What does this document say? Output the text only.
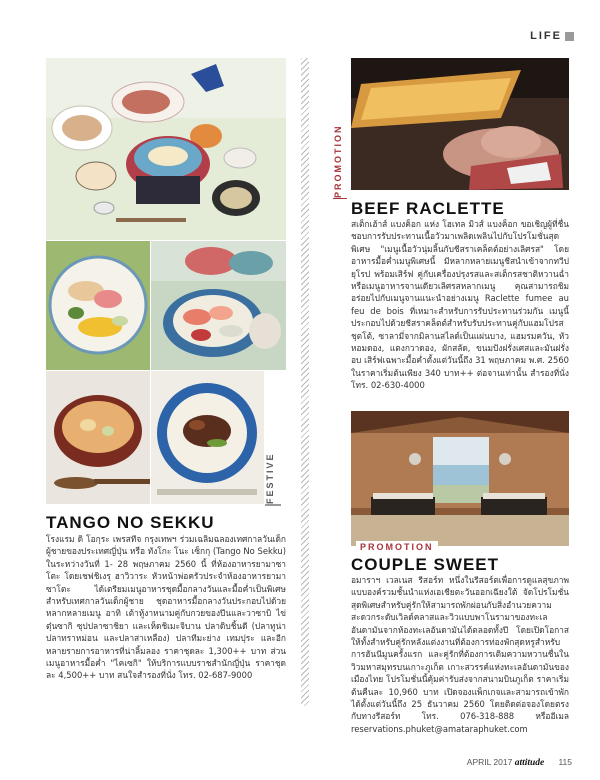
LIFE
FESTIVE
TANGO NO SEKKU
โรงแรม ดิ โอกุระ เพรสทีจ กรุงเทพฯ ร่วมเฉลิมฉลองเทศกาลวันเด็กผู้ชายของประเทศญี่ปุ่น หรือ ทังโกะ โนะ เซ็กกุ (Tango No Sekku) ในระหว่างวันที่ 1- 28 พฤษภาคม 2560 นี้ ที่ห้องอาหารยามาซาโตะ โดยเชฟชิเงรุ ฮาวิวาระ หัวหน้าพ่อครัวประจำห้องอาหารยามาซาโตะ ได้เตรียมเมนูอาหารชุดมื้อกลางวันและมื้อค่ำเป็นพิเศษสำหรับเทศกาลวันเด็กผู้ชาย ชุดอาหารมื้อกลางวันประกอบไปด้วยหลากหลายเมนู อาทิ เต้าหู้งาหนามคู่กับกวยของปีนและวาซาบิ ไข่ตุ๋นซากิ ซุปปลาซาชิยา และเห็ดชิเมะจิบาน ปลาดิบชิ้นดี (ปลาทูน่า ปลาทราหม่อน และปลาสาเหลือง) ปลาทีมะย่าง เทมปุระ และอีกหลายรายการอาหารที่น่าลิ้มลอง ราคาชุดละ 1,300++ บาท ส่วนเมนูอาหารมื้อค่ำ "ไคเซกิ" ให้บริการแบบราชสำนักญี่ปุ่น ราคาชุดละ 4,500++ บาท สนใจสำรองที่นั่ง โทร. 02-687-9000
PROMOTION
BEEF RACLETTE
สเต็กเฮ้าส์ แบงค็อก แห่ง โฮเทล มิวส์ แบงค็อก ขอเชิญผู้ที่ชื่นชอบการรับประทานเนื้อวัวมาเพลิดเพลินไปกับโปรโมชั่นสุดพิเศษ "เมนูเนื้อวัวนุ่มลิ้นกับชีสราเคล็ตต์อย่างเลิศรส" โดยอาหารมื้อค่ำเมนูพิเศษนี้ มีหลากหลายเมนูชีสนำเข้าจากทวีปยุโรป พร้อมเสิร์ฟ คู่กับเครื่องปรุงรสและสเต็กรสชาติหวานฉ่ำ หรือเมนูอาหารจานเดียวเลิศรสหลากเมนู คุณสามารถชิมอร่อยไปกับเมนูจานแนะนำอย่างเมนู Raclette fumee au feu de bois ที่เหมาะสำหรับการรับประทานร่วมกัน เมนูนี้ประกอบไปด้วยชีสราคล็ตต์สำหรับรับประทานคู่กับแฮมโปรสชุตโต้, ซาลามี่จากมิลานสไลด์เป็นแผ่นบาง, แฮมรมควัน, หัวหอมดอง, แตงกวาดอง, ผักสลัด, ขนมปังฝรั่งเศสและมันฝรั่งอบ เสิร์ฟเฉพาะมื้อค่ำตั้งแต่วันนี้ถึง 31 พฤษภาคม พ.ศ. 2560 ในราคาเริ่มต้นเพียง 340 บาท++ ต่อจานเท่านั้น สำรองที่นั่ง โทร. 02-630-4000
PROMOTION
COUPLE SWEET
อมาราฯ เวลเนส รีสอร์ท หนึ่งในรีสอร์ตเพื่อการดูแลสุขภาพแบบองค์รวมชั้นนำแห่งเอเชียตะวันออกเฉียงใต้ จัดโปรโมชั่นสุดพิเศษสำหรับคู่รักให้สามารถพักผ่อนกับสิ่งอำนวยความสะดวกระดับเวิลด์คลาสและวิวแบบพาโนรามาของทะเลอันดามันจากห้องทะเลอันดามันได้ตลอดทั้งปี โดยเปิดโอกาสให้ทั้งสำหรับคู่รักหลังแต่งงานที่ต้องการท่องพักสุดหรูสำหรับการฮันนีมูนครั้งแรก และคู่รักที่ต้องการเติมความหวานชื่นในวิวมหาสมุทรบนเกาะภูเก็ต เกาะสวรรค์แห่งทะเลอันดามันของเมืองไทย โปรโมชั่นนี้คุ้มค่ารับส่งจากสนามบินภูเก็ต ราคาเริ่มต้นคืนละ 10,960 บาท เปิดจองแพ็กเกจและสามารถเข้าพักได้ตั้งแต่วันนี้ถึง 25 ธันวาคม 2560 โดยติดต่อจองโดยตรงกับทางรีสอร์ท โทร. 076-318-888 หรืออีเมล reservations.phuket@amataraphuket.com
APRIL 2017 attitude 115
